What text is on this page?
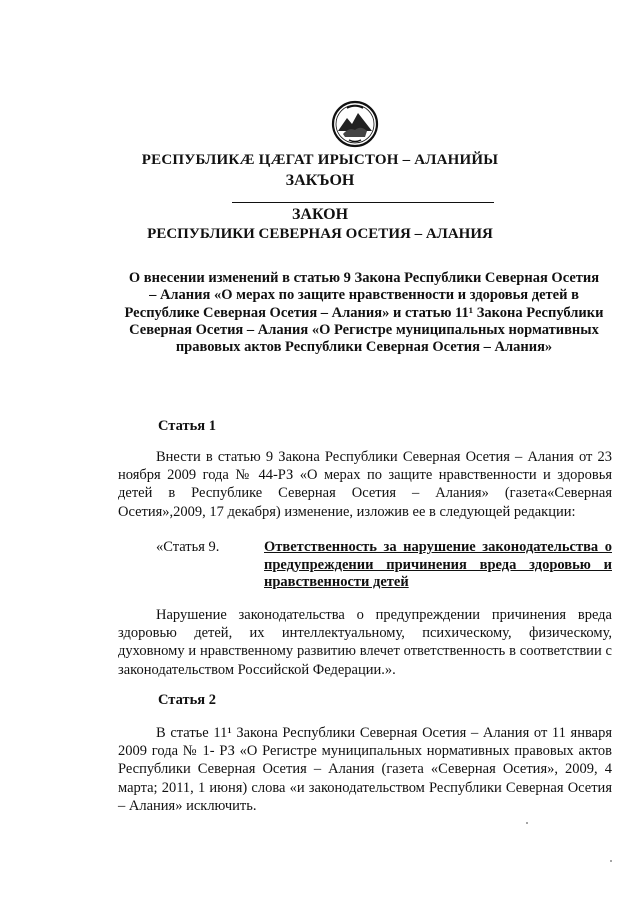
РЕСПУБЛИКӔ ЦӔГАТ ИРЫСТОН – АЛАНИЙЫ
ЗАКЪОН
ЗАКОН
РЕСПУБЛИКИ СЕВЕРНАЯ ОСЕТИЯ – АЛАНИЯ
О внесении изменений в статью 9 Закона Республики Северная Осетия – Алания «О мерах по защите нравственности и здоровья детей в Республике Северная Осетия – Алания» и статью 11¹ Закона Республики Северная Осетия – Алания «О Регистре муниципальных нормативных правовых актов Республики Северная Осетия – Алания»
Статья 1
Внести в статью 9 Закона Республики Северная Осетия – Алания от 23 ноября 2009 года № 44-РЗ «О мерах по защите нравственности и здоровья детей в Республике Северная Осетия – Алания» (газета«Северная Осетия»,2009, 17 декабря) изменение, изложив ее в следующей редакции:
«Статья 9.	Ответственность за нарушение законодательства о предупреждении причинения вреда здоровью и нравственности детей
Нарушение законодательства о предупреждении причинения вреда здоровью детей, их интеллектуальному, психическому, физическому, духовному и нравственному развитию влечет ответственность в соответствии с законодательством Российской Федерации.».
Статья 2
В статье 11¹ Закона Республики Северная Осетия – Алания от 11 января 2009 года № 1- РЗ «О Регистре муниципальных нормативных правовых актов Республики Северная Осетия – Алания (газета «Северная Осетия», 2009, 4 марта; 2011, 1 июня) слова «и законодательством Республики Северная Осетия – Алания» исключить.
